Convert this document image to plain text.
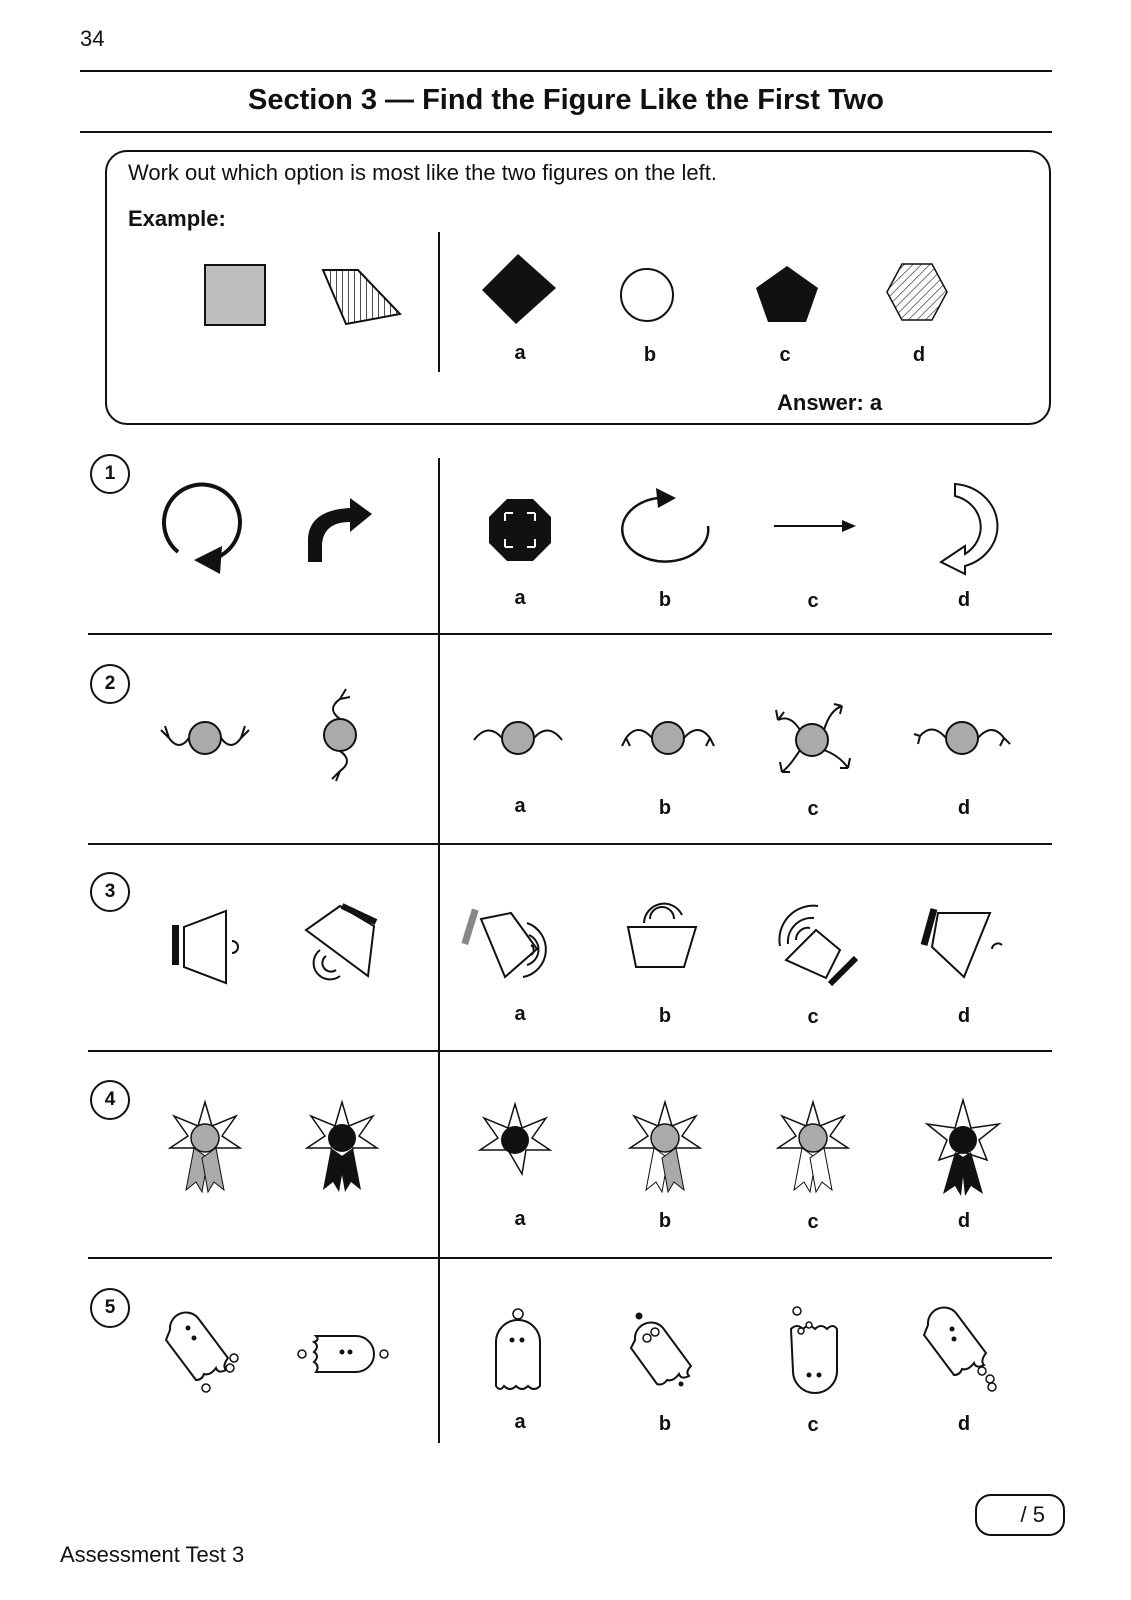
34
Section 3 — Find the Figure Like the First Two
Work out which option is most like the two figures on the left.
Example:
a	b	c	d
Answer: a
1
2
3
4
5
a	b	c	d
a	b	c	d
a	b	c	d
a	b	c	d
a	b	c	d
/ 5
Assessment Test 3
